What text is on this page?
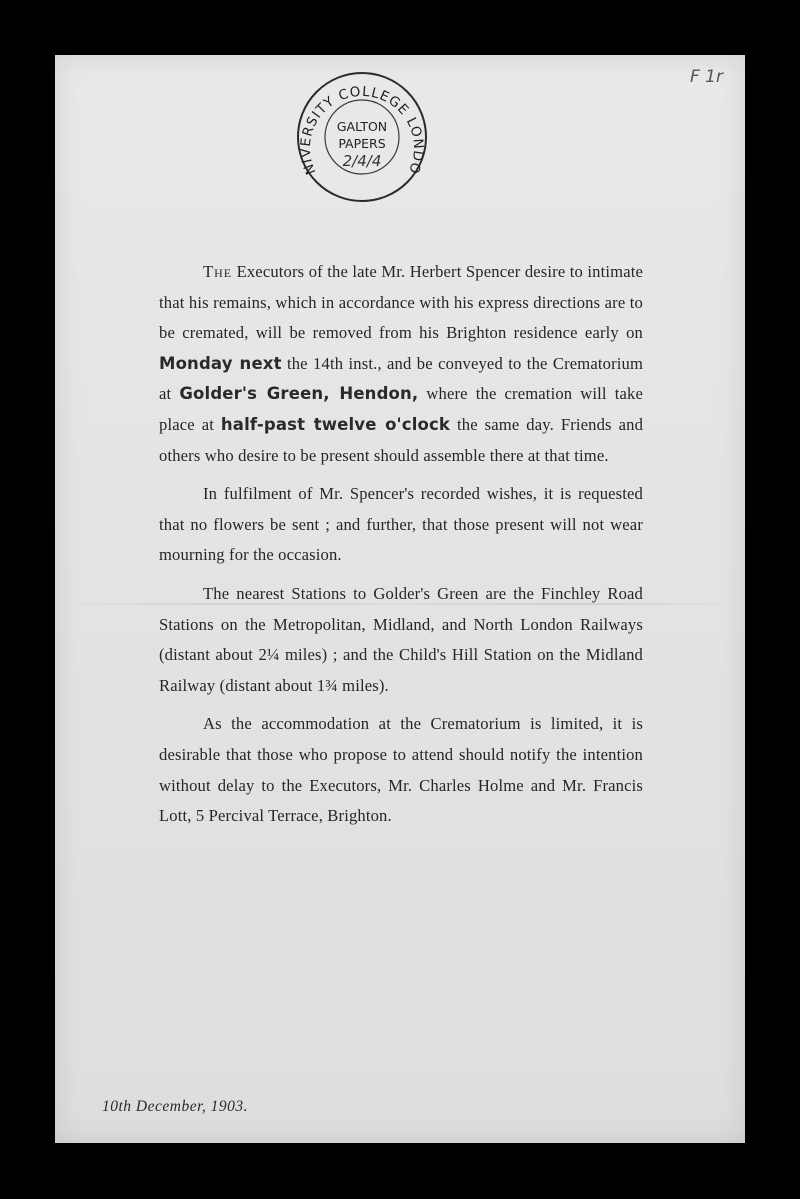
F 1r
UNIVERSITY COLLEGE LONDON
GALTON
PAPERS
2/4/4

The Executors of the late Mr. Herbert Spencer desire to intimate that his remains, which in accordance with his express directions are to be cremated, will be removed from his Brighton residence early on Monday next the 14th inst., and be conveyed to the Crematorium at Golder's Green, Hendon, where the cremation will take place at half-past twelve o'clock the same day. Friends and others who desire to be present should assemble there at that time.

In fulfilment of Mr. Spencer's recorded wishes, it is requested that no flowers be sent ; and further, that those present will not wear mourning for the occasion.

The nearest Stations to Golder's Green are the Finchley Road Stations on the Metropolitan, Midland, and North London Railways (distant about 2¼ miles) ; and the Child's Hill Station on the Midland Railway (distant about 1¾ miles).

As the accommodation at the Crematorium is limited, it is desirable that those who propose to attend should notify the intention without delay to the Executors, Mr. Charles Holme and Mr. Francis Lott, 5 Percival Terrace, Brighton.

10th December, 1903.
